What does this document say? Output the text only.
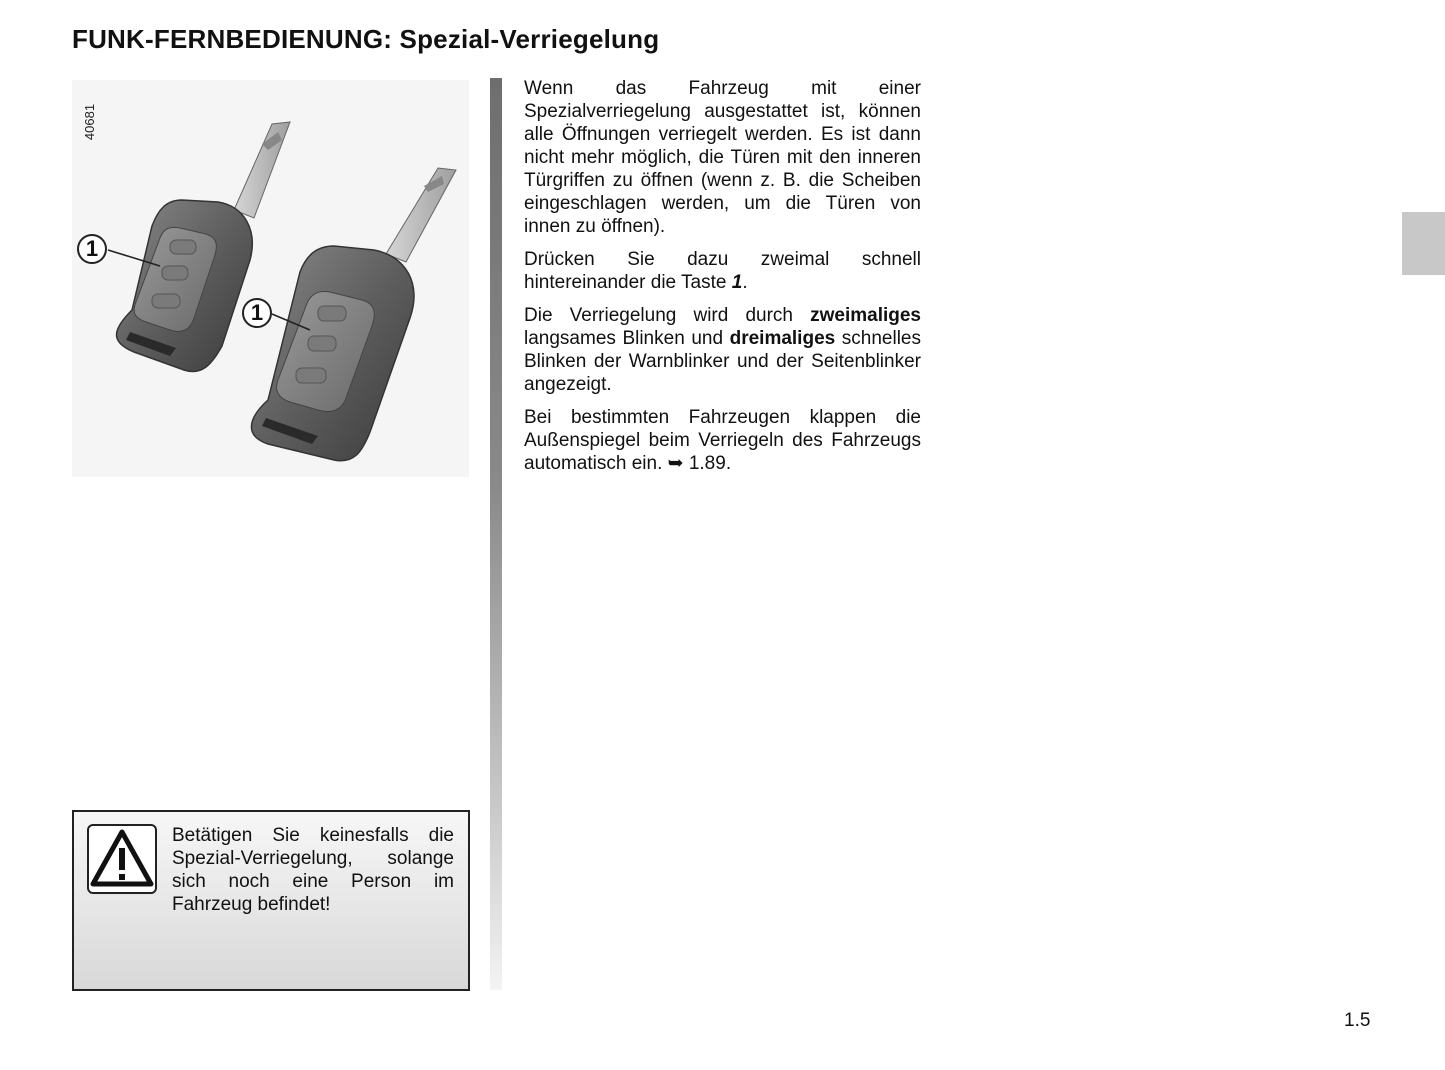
FUNK-FERNBEDIENUNG: Spezial-Verriegelung
40681
1
1

Wenn das Fahrzeug mit einer Spezialverriegelung ausgestattet ist, können alle Öffnungen verriegelt werden. Es ist dann nicht mehr möglich, die Türen mit den inneren Türgriffen zu öffnen (wenn z. B. die Scheiben eingeschlagen werden, um die Türen von innen zu öffnen).

Drücken Sie dazu zweimal schnell hintereinander die Taste 1.

Die Verriegelung wird durch zweimaliges langsames Blinken und dreimaliges schnelles Blinken der Warnblinker und der Seitenblinker angezeigt.

Bei bestimmten Fahrzeugen klappen die Außenspiegel beim Verriegeln des Fahrzeugs automatisch ein. ➥ 1.89.

Betätigen Sie keinesfalls die Spezial-Verriegelung, solange sich noch eine Person im Fahrzeug befindet!
1.5
